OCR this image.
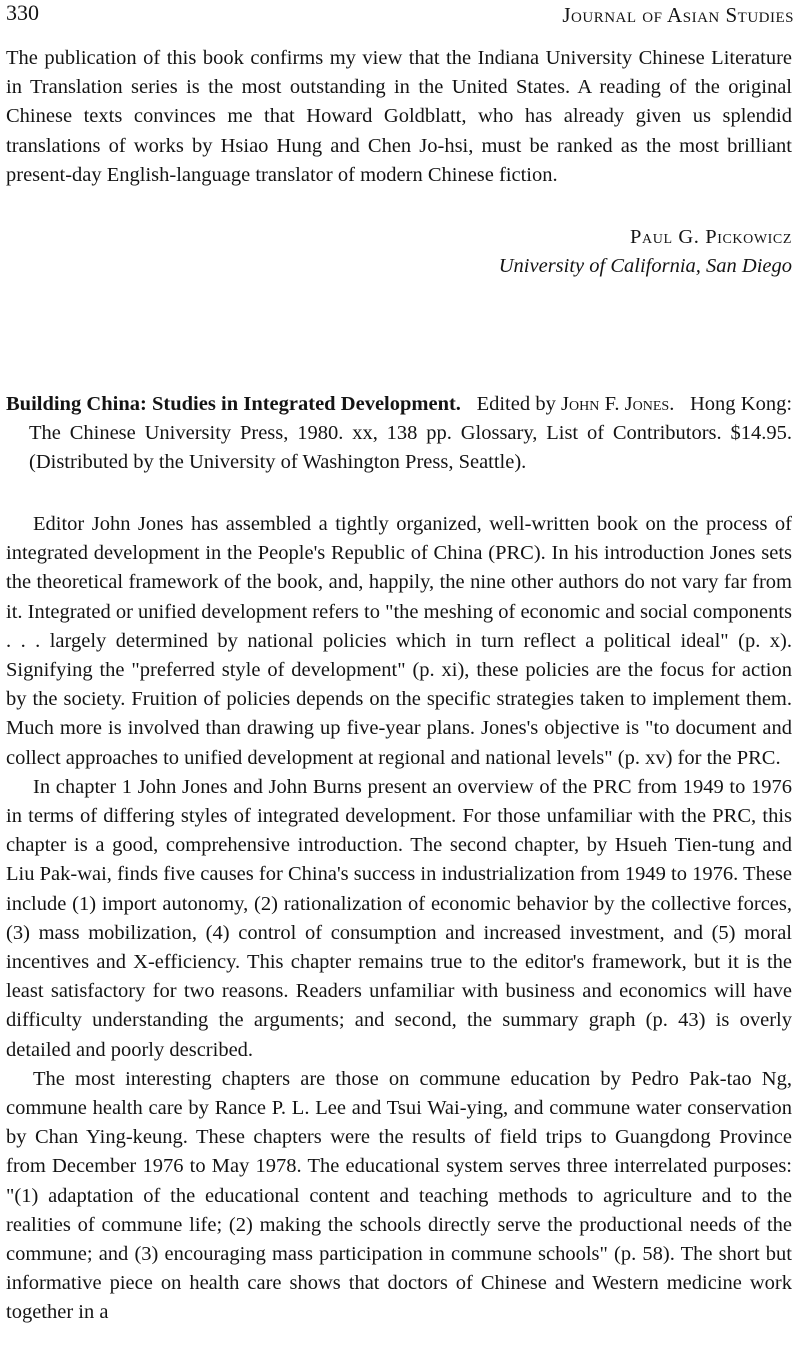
330	Journal of Asian Studies
The publication of this book confirms my view that the Indiana University Chinese Literature in Translation series is the most outstanding in the United States. A reading of the original Chinese texts convinces me that Howard Goldblatt, who has already given us splendid translations of works by Hsiao Hung and Chen Jo-hsi, must be ranked as the most brilliant present-day English-language translator of modern Chinese fiction.
Paul G. Pickowicz
University of California, San Diego
Building China: Studies in Integrated Development. Edited by John F. Jones. Hong Kong: The Chinese University Press, 1980. xx, 138 pp. Glossary, List of Contributors. $14.95. (Distributed by the University of Washington Press, Seattle).

Editor John Jones has assembled a tightly organized, well-written book on the process of integrated development in the People's Republic of China (PRC). In his introduction Jones sets the theoretical framework of the book, and, happily, the nine other authors do not vary far from it. Integrated or unified development refers to "the meshing of economic and social components . . . largely determined by national policies which in turn reflect a political ideal" (p. x). Signifying the "preferred style of development" (p. xi), these policies are the focus for action by the society. Fruition of policies depends on the specific strategies taken to implement them. Much more is involved than drawing up five-year plans. Jones's objective is "to document and collect approaches to unified development at regional and national levels" (p. xv) for the PRC.

In chapter 1 John Jones and John Burns present an overview of the PRC from 1949 to 1976 in terms of differing styles of integrated development. For those unfamiliar with the PRC, this chapter is a good, comprehensive introduction. The second chapter, by Hsueh Tien-tung and Liu Pak-wai, finds five causes for China's success in industrialization from 1949 to 1976. These include (1) import autonomy, (2) rationalization of economic behavior by the collective forces, (3) mass mobilization, (4) control of consumption and increased investment, and (5) moral incentives and X-efficiency. This chapter remains true to the editor's framework, but it is the least satisfactory for two reasons. Readers unfamiliar with business and economics will have difficulty understanding the arguments; and second, the summary graph (p. 43) is overly detailed and poorly described.

The most interesting chapters are those on commune education by Pedro Pak-tao Ng, commune health care by Rance P. L. Lee and Tsui Wai-ying, and commune water conservation by Chan Ying-keung. These chapters were the results of field trips to Guangdong Province from December 1976 to May 1978. The educational system serves three interrelated purposes: "(1) adaptation of the educational content and teaching methods to agriculture and to the realities of commune life; (2) making the schools directly serve the productional needs of the commune; and (3) encouraging mass participation in commune schools" (p. 58). The short but informative piece on health care shows that doctors of Chinese and Western medicine work together in a
